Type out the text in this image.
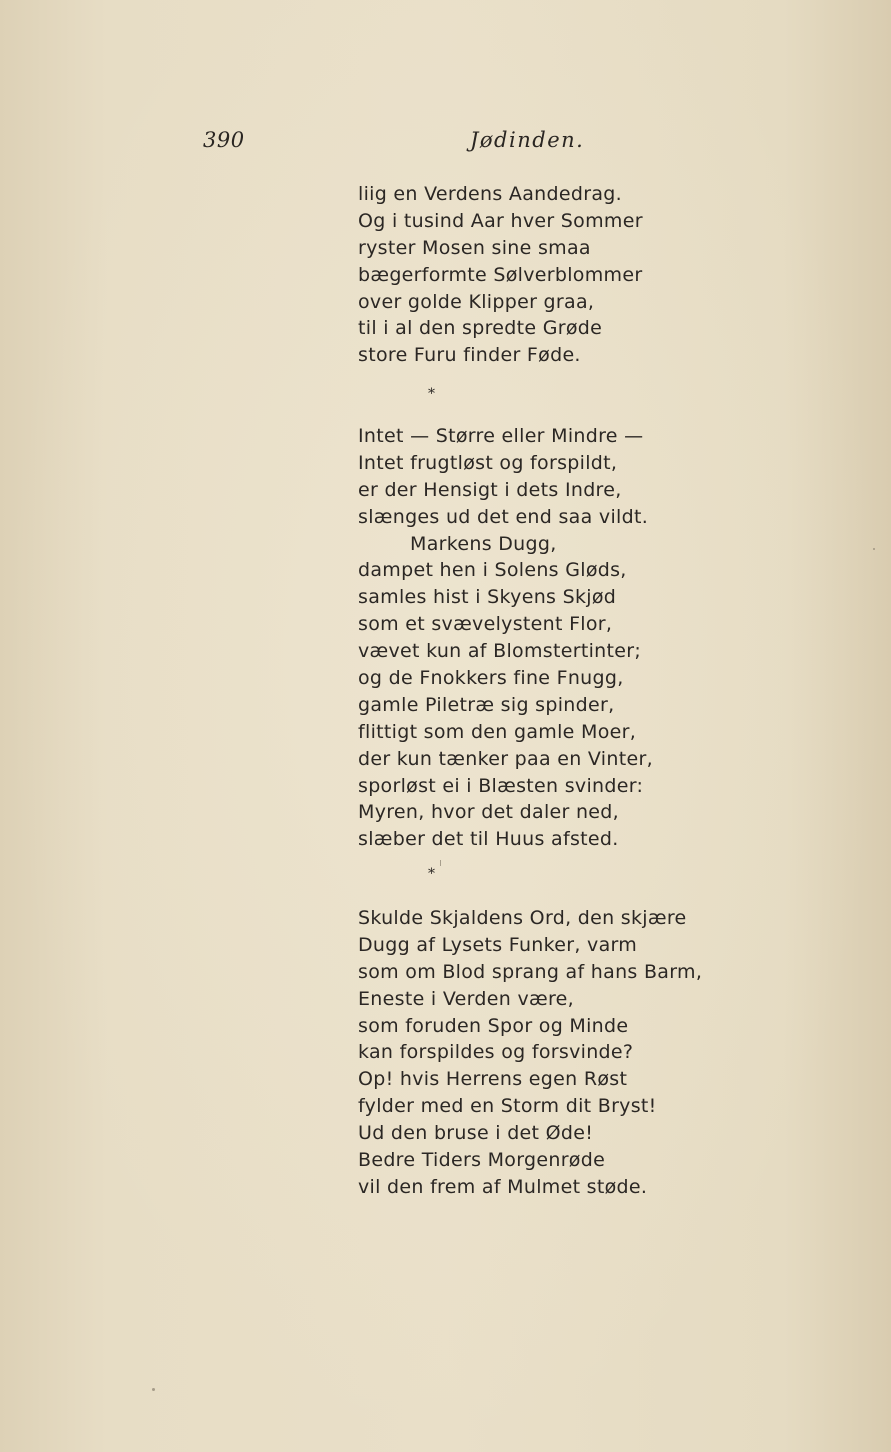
390	Jødinden.
liig en Verdens Aandedrag.
Og i tusind Aar hver Sommer
ryster Mosen sine smaa
bægerformte Sølverblommer
over golde Klipper graa,
til i al den spredte Grøde
store Furu finder Føde.
*
Intet — Større eller Mindre —
Intet frugtløst og forspildt,
er der Hensigt i dets Indre,
slænges ud det end saa vildt.
Markens Dugg,
dampet hen i Solens Gløds,
samles hist i Skyens Skjød
som et svævelystent Flor,
vævet kun af Blomstertinter;
og de Fnokkers fine Fnugg,
gamle Piletræ sig spinder,
flittigt som den gamle Moer,
der kun tænker paa en Vinter,
sporløst ei i Blæsten svinder:
Myren, hvor det daler ned,
slæber det til Huus afsted.
*
Skulde Skjaldens Ord, den skjære
Dugg af Lysets Funker, varm
som om Blod sprang af hans Barm,
Eneste i Verden være,
som foruden Spor og Minde
kan forspildes og forsvinde?
Op! hvis Herrens egen Røst
fylder med en Storm dit Bryst!
Ud den bruse i det Øde!
Bedre Tiders Morgenrøde
vil den frem af Mulmet støde.
